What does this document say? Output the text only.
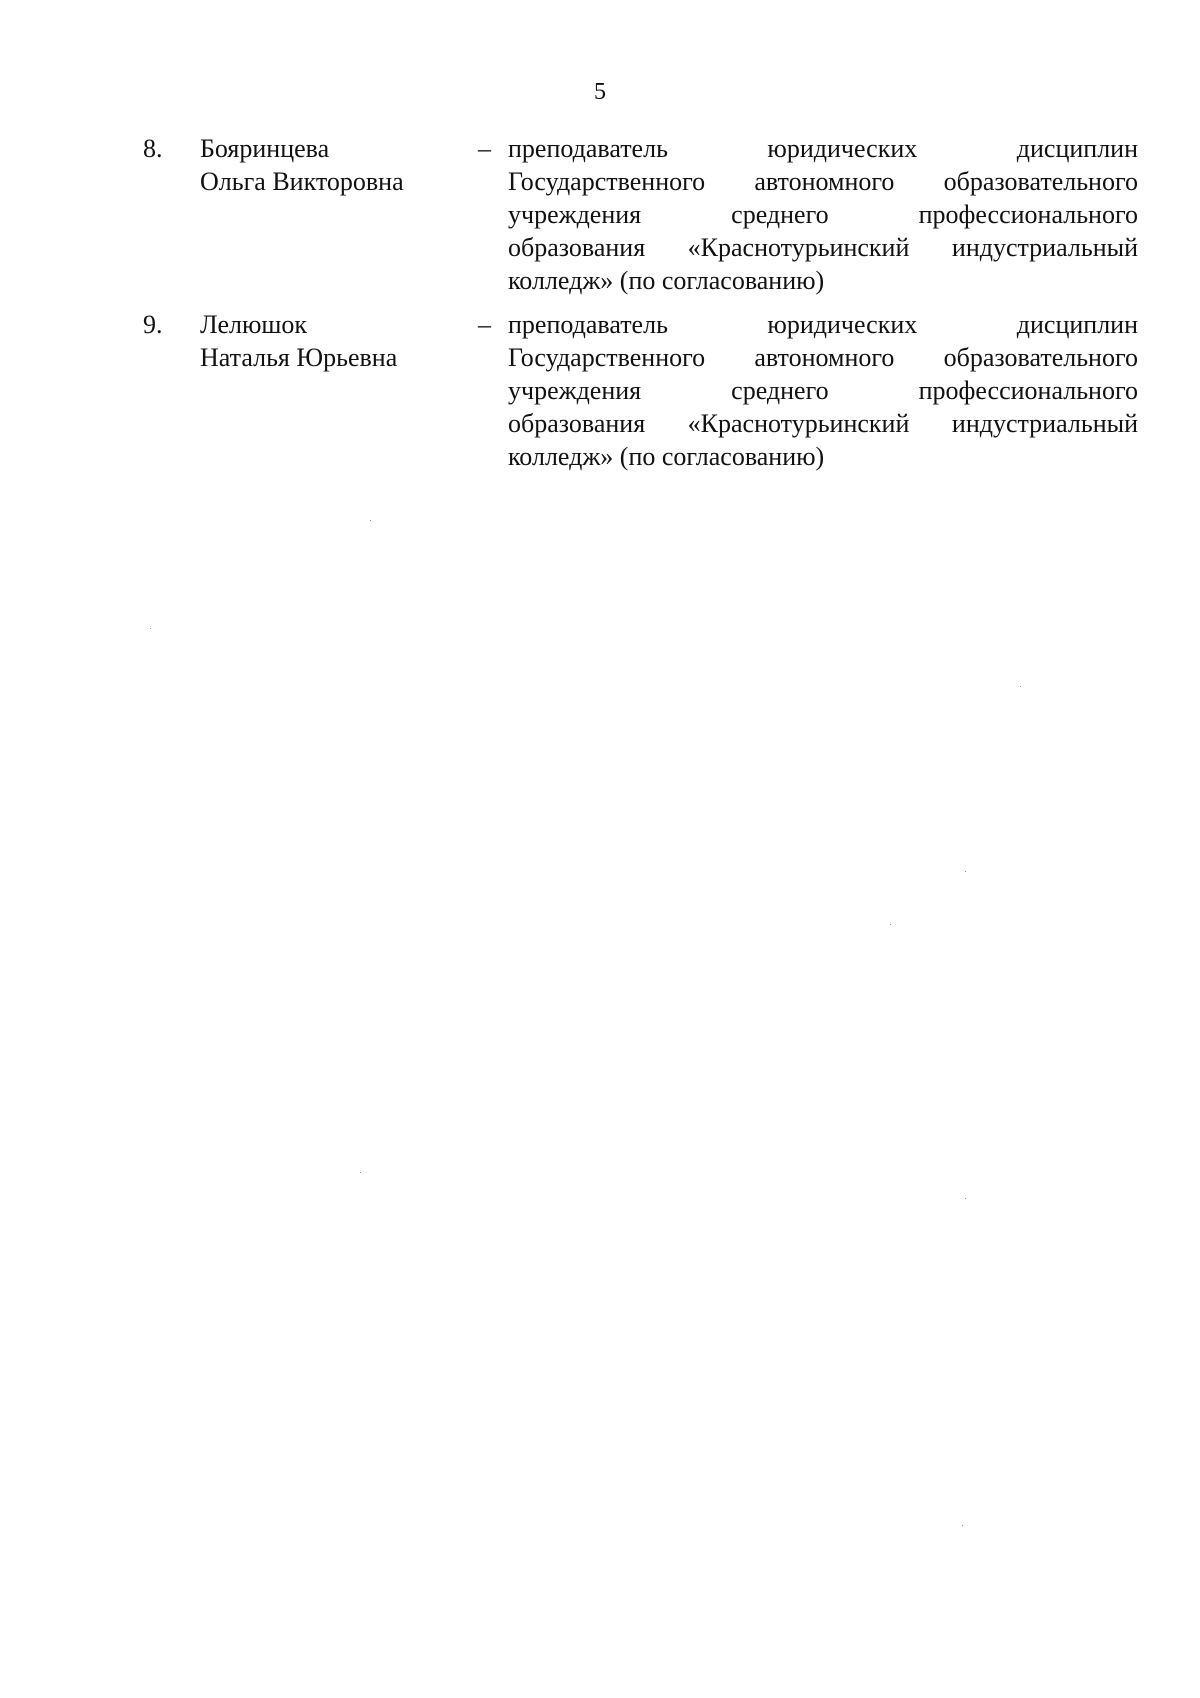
5
8. Бояринцева
Ольга Викторовна
– преподаватель юридических дисциплин
Государственного автономного образовательного
учреждения среднего профессионального
образования «Краснотурьинский индустриальный
колледж» (по согласованию)
9. Лелюшок
Наталья Юрьевна
– преподаватель юридических дисциплин
Государственного автономного образовательного
учреждения среднего профессионального
образования «Краснотурьинский индустриальный
колледж» (по согласованию)
